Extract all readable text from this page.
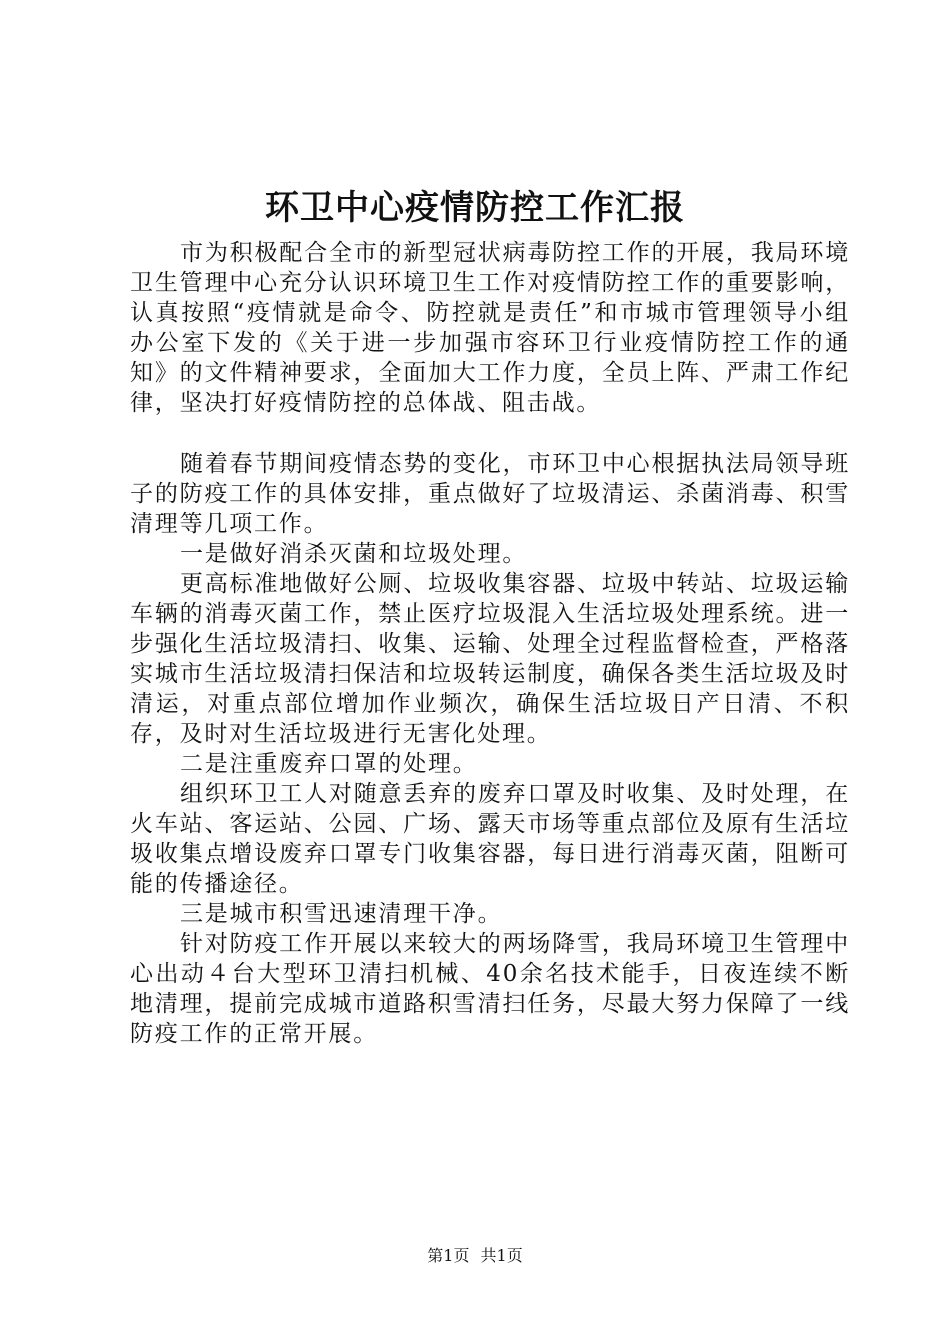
环卫中心疫情防控工作汇报

市为积极配合全市的新型冠状病毒防控工作的开展，我局环境卫生管理中心充分认识环境卫生工作对疫情防控工作的重要影响，认真按照“疫情就是命令、防控就是责任”和市城市管理领导小组办公室下发的《关于进一步加强市容环卫行业疫情防控工作的通知》的文件精神要求，全面加大工作力度，全员上阵、严肃工作纪律，坚决打好疫情防控的总体战、阻击战。

随着春节期间疫情态势的变化，市环卫中心根据执法局领导班子的防疫工作的具体安排，重点做好了垃圾清运、杀菌消毒、积雪清理等几项工作。

一是做好消杀灭菌和垃圾处理。

更高标准地做好公厕、垃圾收集容器、垃圾中转站、垃圾运输车辆的消毒灭菌工作，禁止医疗垃圾混入生活垃圾处理系统。进一步强化生活垃圾清扫、收集、运输、处理全过程监督检查，严格落实城市生活垃圾清扫保洁和垃圾转运制度，确保各类生活垃圾及时清运，对重点部位增加作业频次，确保生活垃圾日产日清、不积存，及时对生活垃圾进行无害化处理。

二是注重废弃口罩的处理。

组织环卫工人对随意丢弃的废弃口罩及时收集、及时处理，在火车站、客运站、公园、广场、露天市场等重点部位及原有生活垃圾收集点增设废弃口罩专门收集容器，每日进行消毒灭菌，阻断可能的传播途径。

三是城市积雪迅速清理干净。

针对防疫工作开展以来较大的两场降雪，我局环境卫生管理中心出动４台大型环卫清扫机械、40余名技术能手，日夜连续不断地清理，提前完成城市道路积雪清扫任务，尽最大努力保障了一线防疫工作的正常开展。

第1页 共1页
